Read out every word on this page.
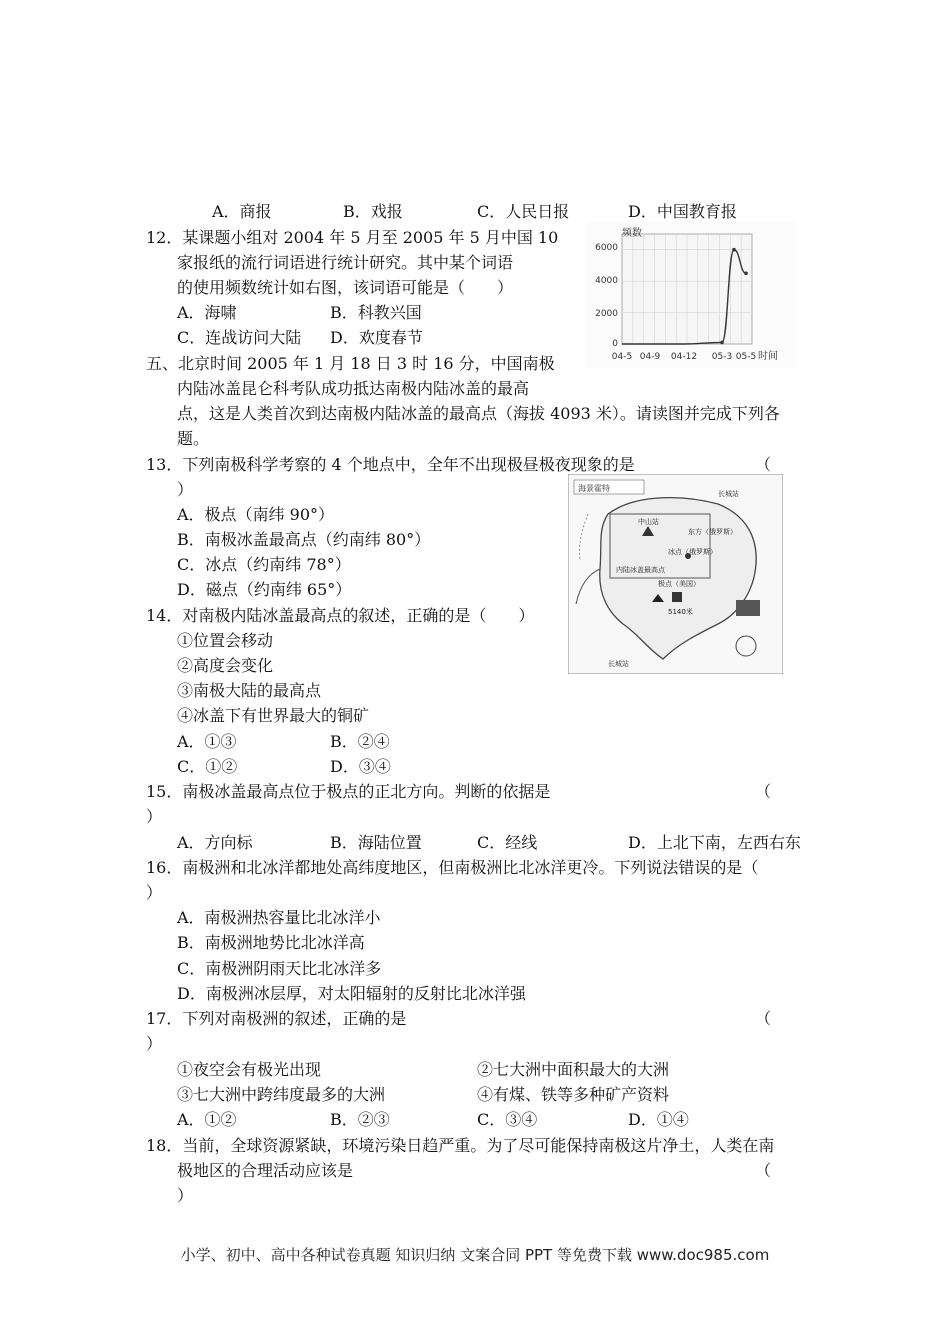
A．商报	B．戏报	C．人民日报	D．中国教育报
12．某课题小组对 2004 年 5 月至 2005 年 5 月中国 10
家报纸的流行词语进行统计研究。其中某个词语
的使用频数统计如右图，该词语可能是（　　）
A．海啸	B．科教兴国
C．连战访问大陆 D．欢度春节
频数
6000
4000
2000
0
04-5 04-9 04-12 05-3 05-5 时间
五、北京时间 2005 年 1 月 18 日 3 时 16 分，中国南极
内陆冰盖昆仑科考队成功抵达南极内陆冰盖的最高
点，这是人类首次到达南极内陆冰盖的最高点（海拔 4093 米）。请读图并完成下列各
题。
13．下列南极科学考察的 4 个地点中，全年不出现极昼极夜现象的是	（
）
A．极点（南纬 90°）
B．南极冰盖最高点（约南纬 80°）
C．冰点（约南纬 78°）
D．磁点（约南纬 65°）
海景霍特
长城站
中山站
东方（俄罗斯）
冰点（俄罗斯）
内陆冰盖最高点
极点（美国）
5140米
长城站
14．对南极内陆冰盖最高点的叙述，正确的是（　　）
①位置会移动
②高度会变化
③南极大陆的最高点
④冰盖下有世界最大的铜矿
A．①③	B．②④
C．①②	D．③④
15．南极冰盖最高点位于极点的正北方向。判断的依据是	（
）
A．方向标	B．海陆位置	C．经线	D．上北下南，左西右东
16．南极洲和北冰洋都地处高纬度地区，但南极洲比北冰洋更冷。下列说法错误的是（
）
A．南极洲热容量比北冰洋小
B．南极洲地势比北冰洋高
C．南极洲阴雨天比北冰洋多
D．南极洲冰层厚，对太阳辐射的反射比北冰洋强
17．下列对南极洲的叙述，正确的是	（
）
①夜空会有极光出现	②七大洲中面积最大的大洲
③七大洲中跨纬度最多的大洲	④有煤、铁等多种矿产资料
A．①②	B．②③	C．③④	D．①④
18．当前，全球资源紧缺，环境污染日趋严重。为了尽可能保持南极这片净土，人类在南
极地区的合理活动应该是	（
）
小学、初中、高中各种试卷真题 知识归纳 文案合同 PPT 等免费下载 www.doc985.com
